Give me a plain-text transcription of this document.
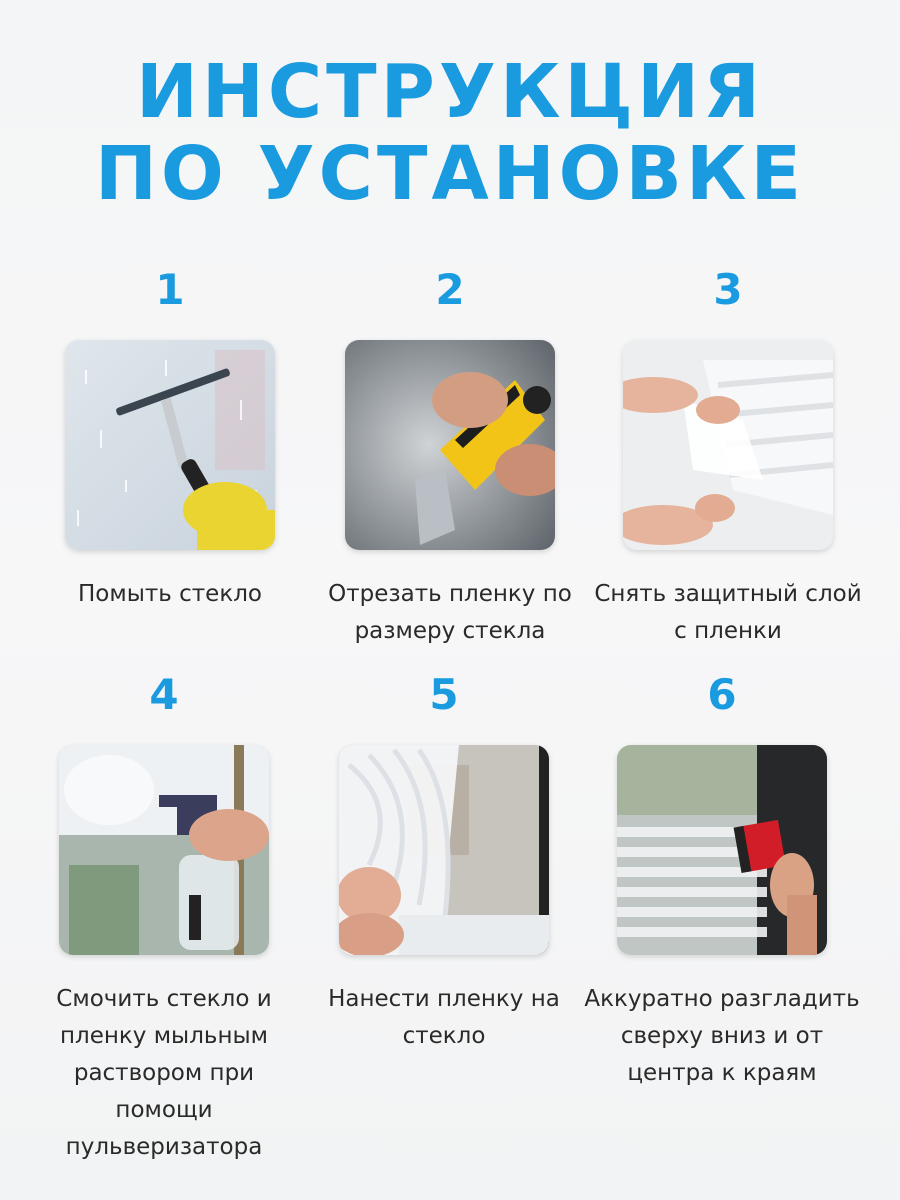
ИНСТРУКЦИЯ
ПО УСТАНОВКЕ
1
Помыть стекло
2
Отрезать пленку по размеру стекла
3
Снять защитный слой с пленки
4
Смочить стекло и пленку мыльным раствором при помощи пульверизатора
5
Нанести пленку на стекло
6
Аккуратно разгладить сверху вниз и от центра к краям
